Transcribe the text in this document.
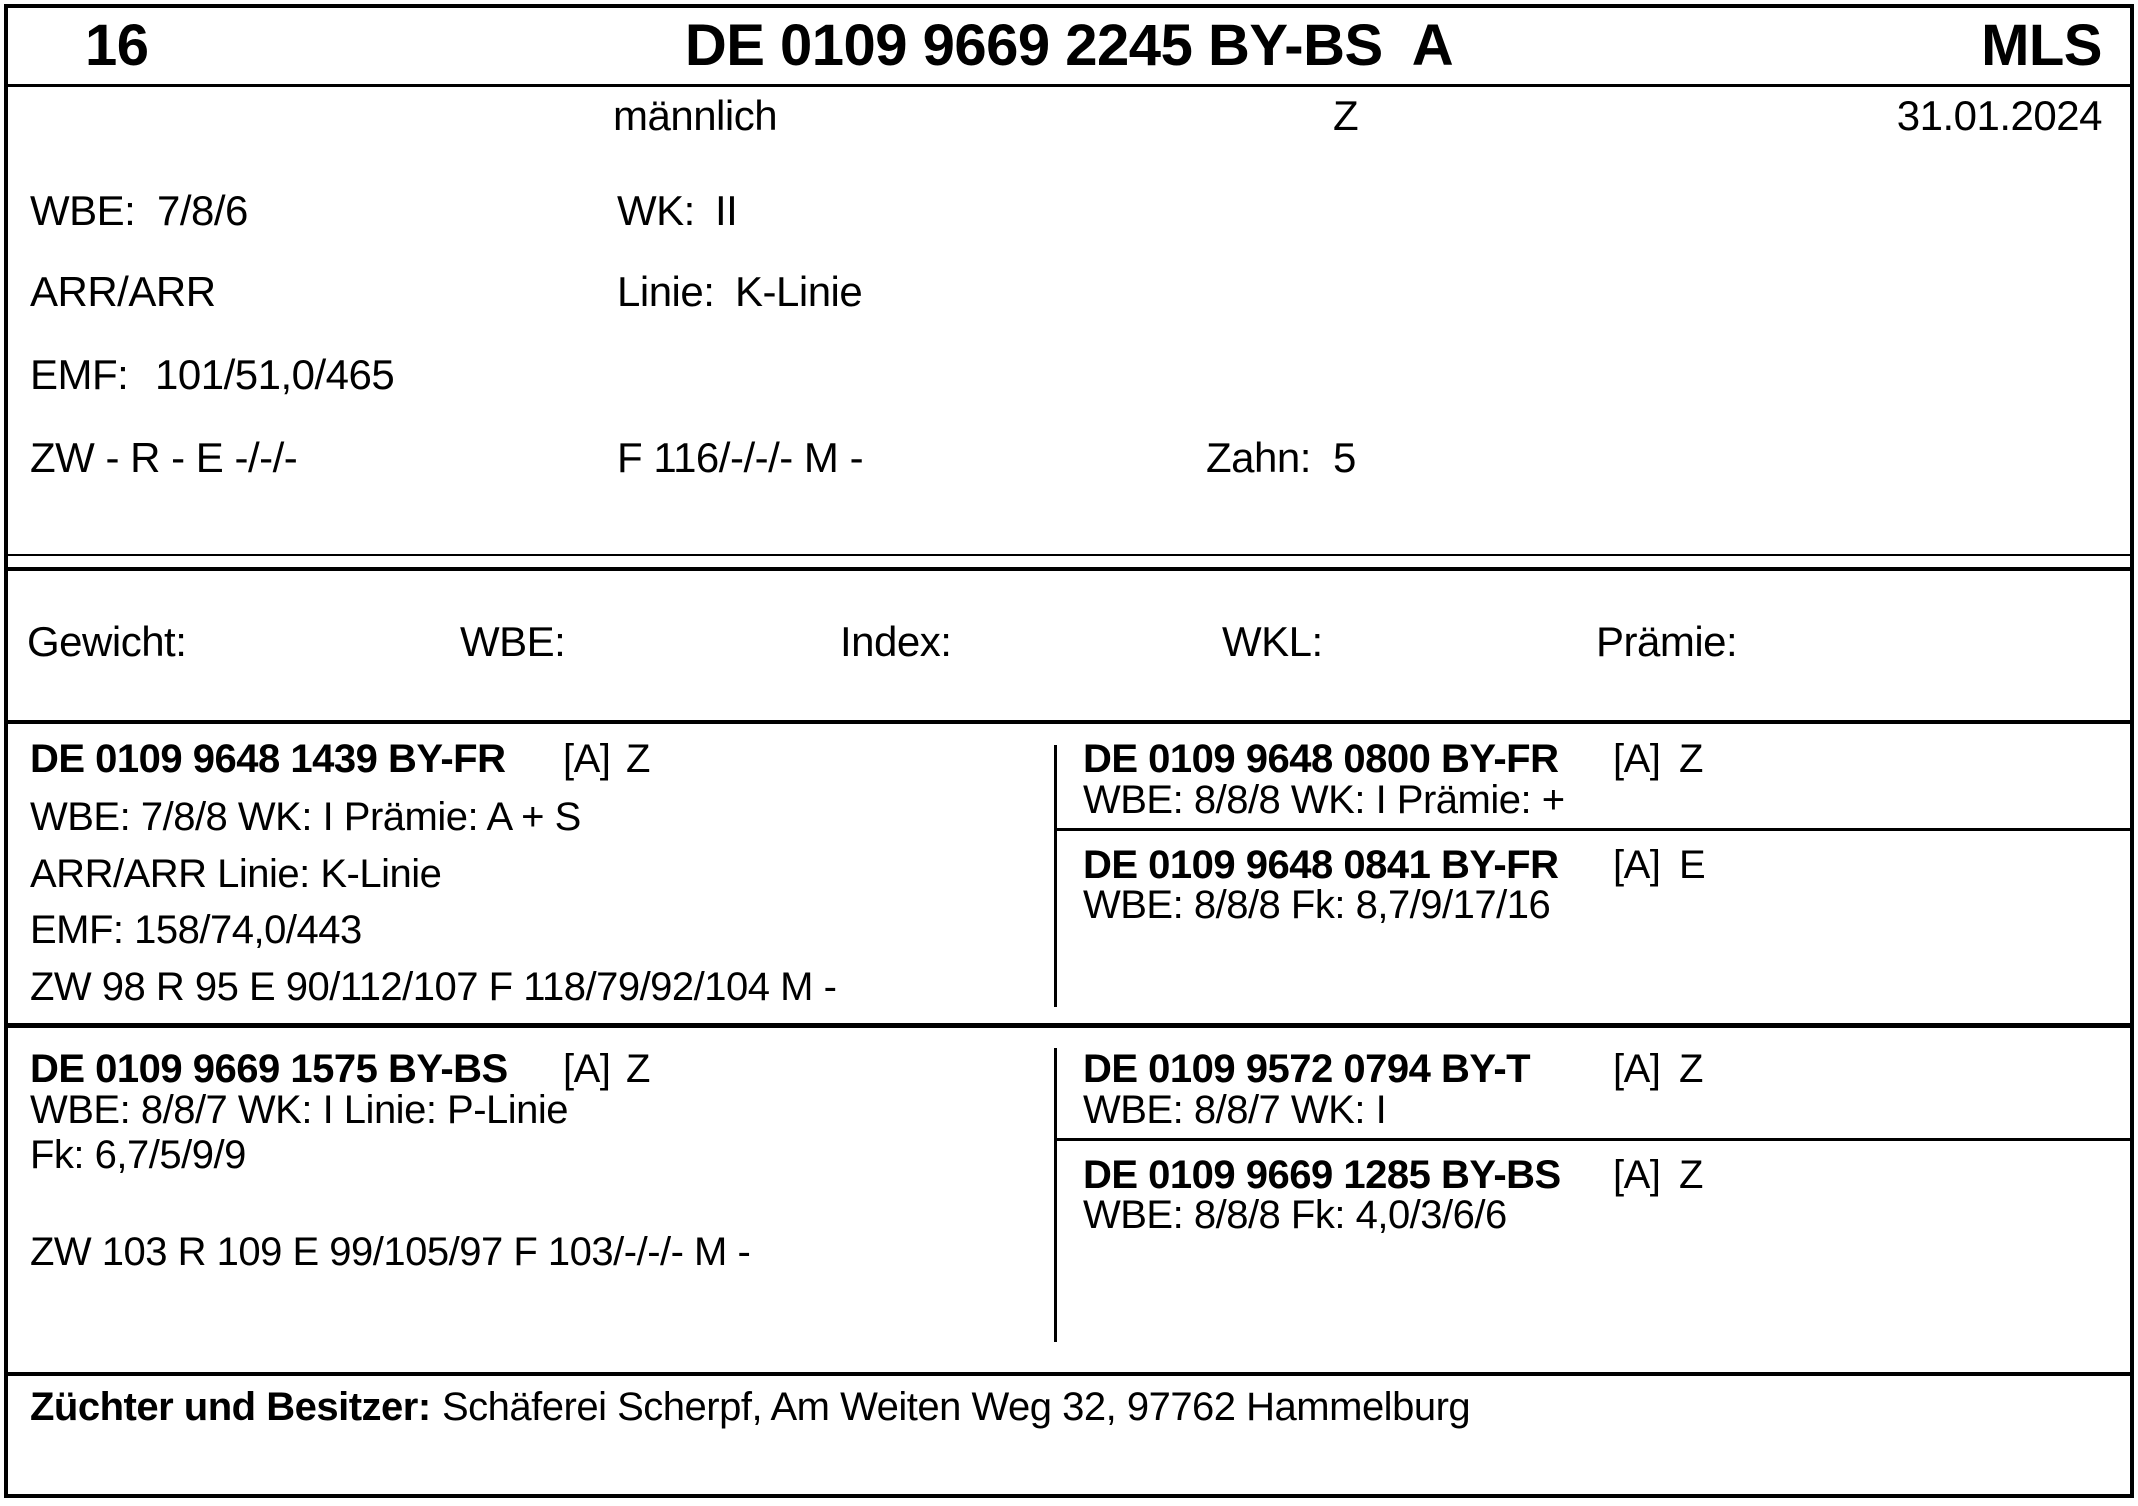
16	DE 0109 9669 2245 BY-BS  A	MLS
männlich	Z	31.01.2024
WBE: 7/8/6	WK: II
ARR/ARR	Linie: K-Linie
EMF: 101/51,0/465
ZW - R - E -/-/-	F 116/-/-/- M -	Zahn: 5
Gewicht:	WBE:	Index:	WKL:	Prämie:
DE 0109 9648 1439 BY-FR [A] Z
WBE: 7/8/8 WK: I Prämie: A + S
ARR/ARR Linie: K-Linie
EMF: 158/74,0/443
ZW 98 R 95 E 90/112/107 F 118/79/92/104 M -
DE 0109 9648 0800 BY-FR [A] Z
WBE: 8/8/8 WK: I Prämie: +
DE 0109 9648 0841 BY-FR [A] E
WBE: 8/8/8 Fk: 8,7/9/17/16
DE 0109 9669 1575 BY-BS [A] Z
WBE: 8/8/7 WK: I Linie: P-Linie
Fk: 6,7/5/9/9
ZW 103 R 109 E 99/105/97 F 103/-/-/- M -
DE 0109 9572 0794 BY-T [A] Z
WBE: 8/8/7 WK: I
DE 0109 9669 1285 BY-BS [A] Z
WBE: 8/8/8 Fk: 4,0/3/6/6
Züchter und Besitzer: Schäferei Scherpf, Am Weiten Weg 32, 97762 Hammelburg
